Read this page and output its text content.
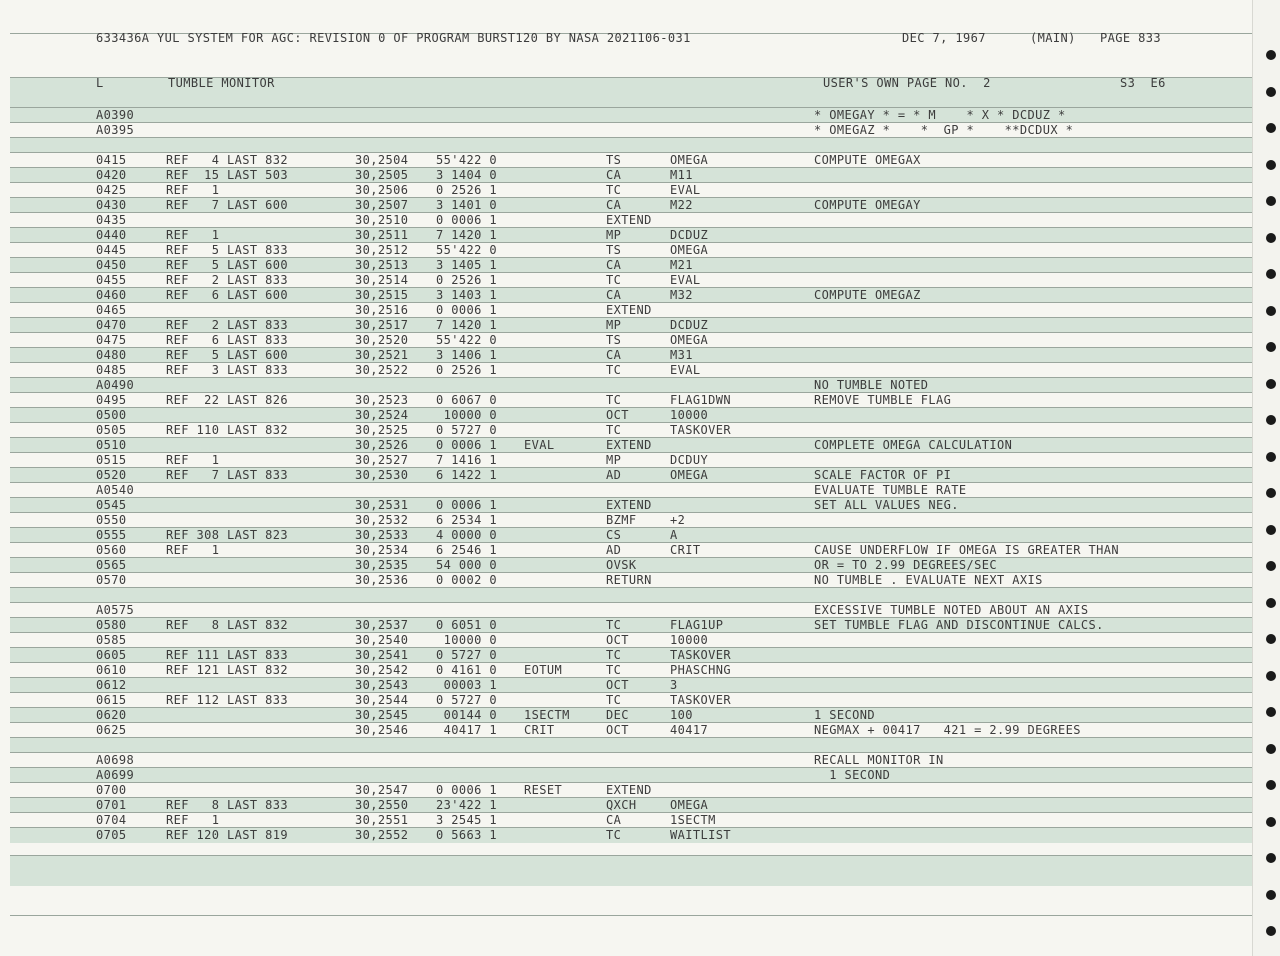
633436A YUL SYSTEM FOR AGC: REVISION 0 OF PROGRAM BURST120 BY NASA 2021106-031	DEC 7, 1967	(MAIN) PAGE 833
L	TUMBLE MONITOR	USER'S OWN PAGE NO.  2	S3  E6
A0390	* OMEGAY * = * M    * X * DCDUZ *
A0395	* OMEGAZ *    *  GP *    **DCDUX *
0415	REF   4 LAST 832	30,2504 55'422 0	TS	OMEGA	COMPUTE OMEGAX
0420	REF  15 LAST 503	30,2505 3 1404 0	CA	M11
0425	REF   1	30,2506 0 2526 1	TC	EVAL
0430	REF   7 LAST 600	30,2507 3 1401 0	CA	M22	COMPUTE OMEGAY
0435	30,2510 0 0006 1	EXTEND
0440	REF   1	30,2511 7 1420 1	MP	DCDUZ
0445	REF   5 LAST 833	30,2512 55'422 0	TS	OMEGA
0450	REF   5 LAST 600	30,2513 3 1405 1	CA	M21
0455	REF   2 LAST 833	30,2514 0 2526 1	TC	EVAL
0460	REF   6 LAST 600	30,2515 3 1403 1	CA	M32	COMPUTE OMEGAZ
0465	30,2516 0 0006 1	EXTEND
0470	REF   2 LAST 833	30,2517 7 1420 1	MP	DCDUZ
0475	REF   6 LAST 833	30,2520 55'422 0	TS	OMEGA
0480	REF   5 LAST 600	30,2521 3 1406 1	CA	M31
0485	REF   3 LAST 833	30,2522 0 2526 1	TC	EVAL
A0490	NO TUMBLE NOTED
0495	REF  22 LAST 826	30,2523 0 6067 0	TC	FLAG1DWN	REMOVE TUMBLE FLAG
0500	30,2524 10000 0	OCT	10000
0505	REF 110 LAST 832	30,2525 0 5727 0	TC	TASKOVER
0510	30,2526 0 0006 1 EVAL	EXTEND	COMPLETE OMEGA CALCULATION
0515	REF   1	30,2527 7 1416 1	MP	DCDUY
0520	REF   7 LAST 833	30,2530 6 1422 1	AD	OMEGA	SCALE FACTOR OF PI
A0540	EVALUATE TUMBLE RATE
0545	30,2531 0 0006 1	EXTEND	SET ALL VALUES NEG.
0550	30,2532 6 2534 1	BZMF	+2
0555	REF 308 LAST 823	30,2533 4 0000 0	CS	A
0560	REF   1	30,2534 6 2546 1	AD	CRIT	CAUSE UNDERFLOW IF OMEGA IS GREATER THAN
0565	30,2535 54 000 0	OVSK	OR = TO 2.99 DEGREES/SEC
0570	30,2536 0 0002 0	RETURN	NO TUMBLE . EVALUATE NEXT AXIS
A0575	EXCESSIVE TUMBLE NOTED ABOUT AN AXIS
0580	REF   8 LAST 832	30,2537 0 6051 0	TC	FLAG1UP	SET TUMBLE FLAG AND DISCONTINUE CALCS.
0585	30,2540 10000 0	OCT	10000
0605	REF 111 LAST 833	30,2541 0 5727 0	TC	TASKOVER
0610	REF 121 LAST 832	30,2542 0 4161 0 EOTUM	TC	PHASCHNG
0612	30,2543 00003 1	OCT	3
0615	REF 112 LAST 833	30,2544 0 5727 0	TC	TASKOVER
0620	30,2545 00144 0 1SECTM	DEC	100	1 SECOND
0625	30,2546 40417 1 CRIT	OCT	40417	NEGMAX + 00417   421 = 2.99 DEGREES
A0698	RECALL MONITOR IN
A0699	1 SECOND
0700	30,2547 0 0006 1 RESET	EXTEND
0701	REF   8 LAST 833	30,2550 23'422 1	QXCH	OMEGA
0704	REF   1	30,2551 3 2545 1	CA	1SECTM
0705	REF 120 LAST 819	30,2552 0 5663 1	TC	WAITLIST
